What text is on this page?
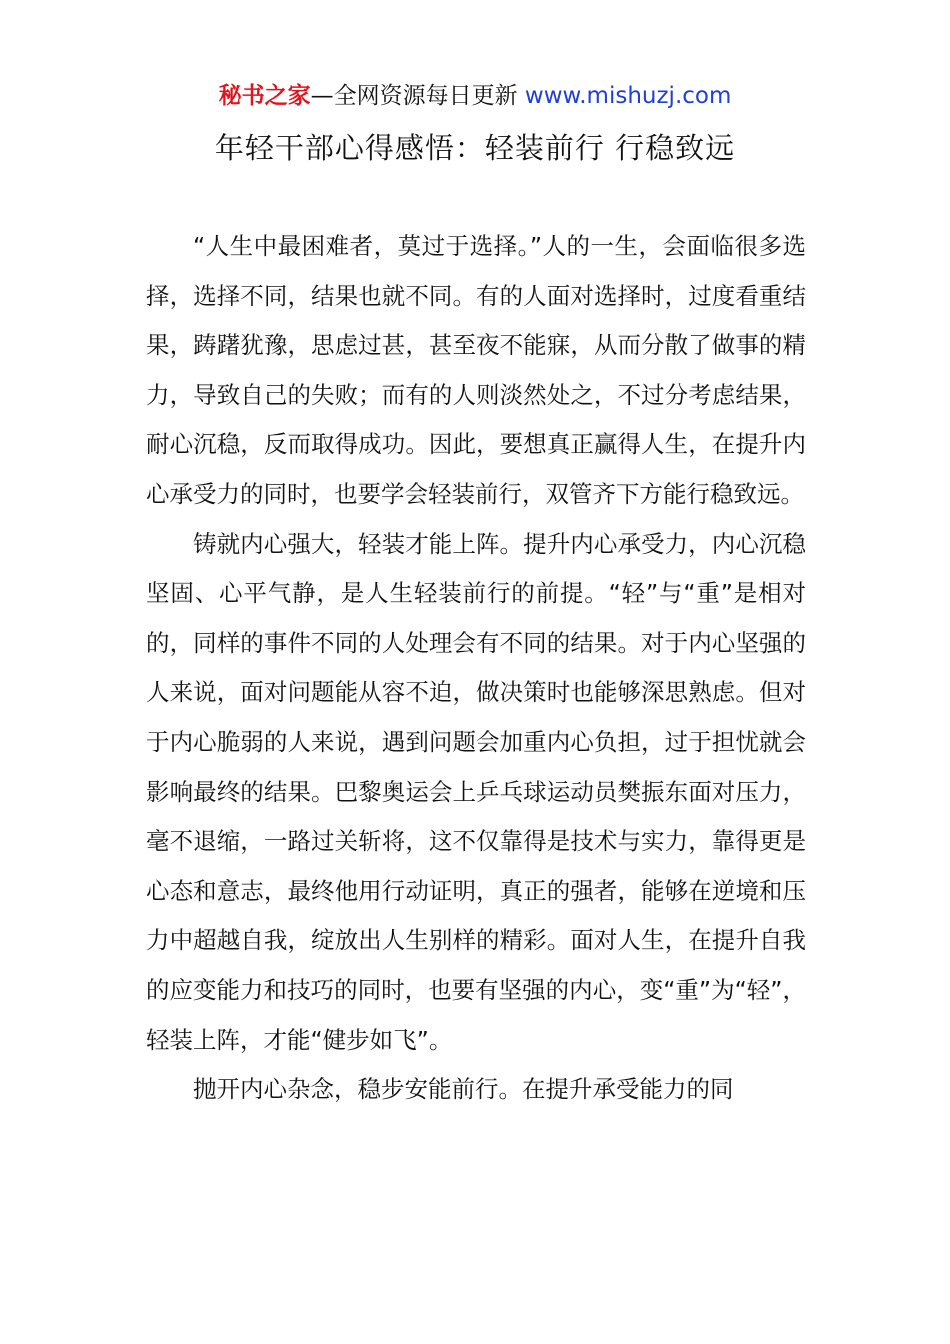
秘书之家—全网资源每日更新 www.mishuzj.com
年轻干部心得感悟：轻装前行 行稳致远

“人生中最困难者，莫过于选择。”人的一生，会面临很多选择，选择不同，结果也就不同。有的人面对选择时，过度看重结果，踌躇犹豫，思虑过甚，甚至夜不能寐，从而分散了做事的精力，导致自己的失败；而有的人则淡然处之，不过分考虑结果，耐心沉稳，反而取得成功。因此，要想真正赢得人生，在提升内心承受力的同时，也要学会轻装前行，双管齐下方能行稳致远。

铸就内心强大，轻装才能上阵。提升内心承受力，内心沉稳坚固、心平气静，是人生轻装前行的前提。“轻”与“重”是相对的，同样的事件不同的人处理会有不同的结果。对于内心坚强的人来说，面对问题能从容不迫，做决策时也能够深思熟虑。但对于内心脆弱的人来说，遇到问题会加重内心负担，过于担忧就会影响最终的结果。巴黎奥运会上乒乓球运动员樊振东面对压力，毫不退缩，一路过关斩将，这不仅靠得是技术与实力，靠得更是心态和意志，最终他用行动证明，真正的强者，能够在逆境和压力中超越自我，绽放出人生别样的精彩。面对人生，在提升自我的应变能力和技巧的同时，也要有坚强的内心，变“重”为“轻”，轻装上阵，才能“健步如飞”。

抛开内心杂念，稳步安能前行。在提升承受能力的同
